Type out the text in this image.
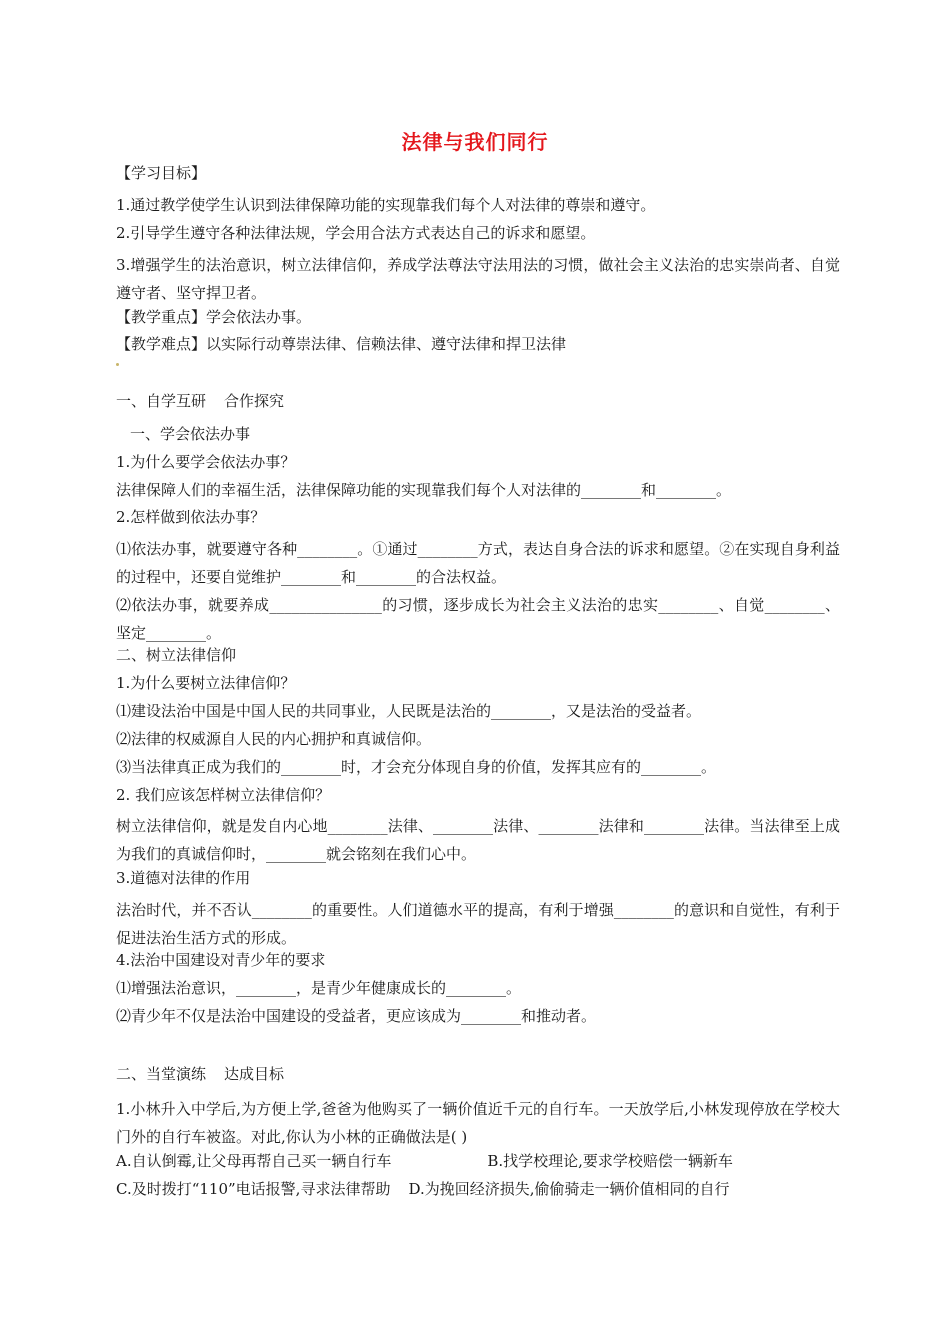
法律与我们同行
【学习目标】
1.通过教学使学生认识到法律保障功能的实现靠我们每个人对法律的尊崇和遵守。
2.引导学生遵守各种法律法规，学会用合法方式表达自己的诉求和愿望。
3.增强学生的法治意识，树立法律信仰，养成学法尊法守法用法的习惯，做社会主义法治的忠实崇尚者、自觉遵守者、坚守捍卫者。
【教学重点】学会依法办事。
【教学难点】以实际行动尊崇法律、信赖法律、遵守法律和捍卫法律
一、自学互研 合作探究
一、学会依法办事
1.为什么要学会依法办事？
法律保障人们的幸福生活，法律保障功能的实现靠我们每个人对法律的________和________。
2.怎样做到依法办事？
⑴依法办事，就要遵守各种________。①通过________方式，表达自身合法的诉求和愿望。②在实现自身利益的过程中，还要自觉维护________和________的合法权益。
⑵依法办事，就要养成_______________的习惯，逐步成长为社会主义法治的忠实________、自觉________、坚定________。
二、树立法律信仰
1.为什么要树立法律信仰？
⑴建设法治中国是中国人民的共同事业，人民既是法治的________，又是法治的受益者。
⑵法律的权威源自人民的内心拥护和真诚信仰。
⑶当法律真正成为我们的________时，才会充分体现自身的价值，发挥其应有的________。
2. 我们应该怎样树立法律信仰？
树立法律信仰，就是发自内心地________法律、________法律、________法律和________法律。当法律至上成为我们的真诚信仰时，________就会铭刻在我们心中。
3.道德对法律的作用
法治时代，并不否认________的重要性。人们道德水平的提高，有利于增强________的意识和自觉性，有利于促进法治生活方式的形成。
4.法治中国建设对青少年的要求
⑴增强法治意识，________，是青少年健康成长的________。
⑵青少年不仅是法治中国建设的受益者，更应该成为________和推动者。
二、当堂演练 达成目标
1.小林升入中学后,为方便上学,爸爸为他购买了一辆价值近千元的自行车。一天放学后,小林发现停放在学校大门外的自行车被盗。对此,你认为小林的正确做法是( )
A.自认倒霉,让父母再帮自己买一辆自行车	B.找学校理论,要求学校赔偿一辆新车
C.及时拨打“110”电话报警,寻求法律帮助 D.为挽回经济损失,偷偷骑走一辆价值相同的自行
